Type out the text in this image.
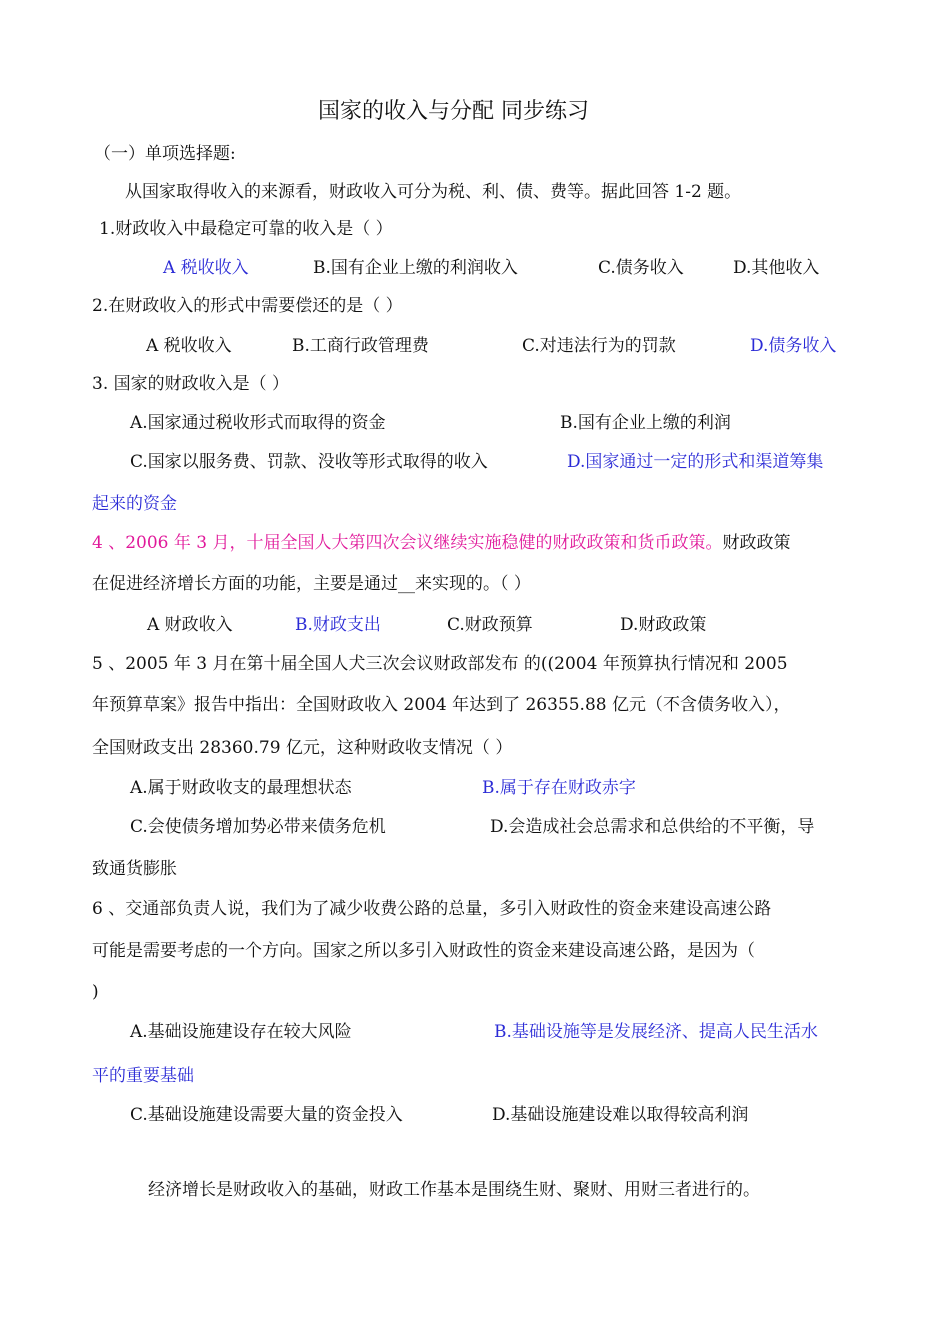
国家的收入与分配 同步练习
（一）单项选择题:
从国家取得收入的来源看，财政收入可分为税、利、债、费等。据此回答 1-2 题。
1.财政收入中最稳定可靠的收入是（ ）
A 税收收入	B.国有企业上缴的利润收入	C.债务收入	D.其他收入
2.在财政收入的形式中需要偿还的是（ ）
A 税收收入	B.工商行政管理费	C.对违法行为的罚款	D.债务收入
3. 国家的财政收入是（ ）
A.国家通过税收形式而取得的资金	B.国有企业上缴的利润
C.国家以服务费、罚款、没收等形式取得的收入	D.国家通过一定的形式和渠道筹集
起来的资金
4 、2006 年 3 月，十届全国人大第四次会议继续实施稳健的财政政策和货币政策。财政政策
在促进经济增长方面的功能，主要是通过__来实现的。（ ）
A 财政收入	B.财政支出	C.财政预算	D.财政政策
5 、2005 年 3 月在第十届全国人犬三次会议财政部发布 的((2004 年预算执行情况和 2005
年预算草案》报告中指出：全国财政收入 2004 年达到了 26355.88 亿元（不含债务收入），
全国财政支出 28360.79 亿元，这种财政收支情况（ ）
A.属于财政收支的最理想状态	B.属于存在财政赤字
C.会使债务增加势必带来债务危机	D.会造成社会总需求和总供给的不平衡，导
致通货膨胀
6 、交通部负责人说，我们为了减少收费公路的总量，多引入财政性的资金来建设高速公路
可能是需要考虑的一个方向。国家之所以多引入财政性的资金来建设高速公路，是因为（
)
A.基础设施建设存在较大风险	B.基础设施等是发展经济、提高人民生活水
平的重要基础
C.基础设施建设需要大量的资金投入	D.基础设施建设难以取得较高利润
经济增长是财政收入的基础，财政工作基本是围绕生财、聚财、用财三者进行的。
